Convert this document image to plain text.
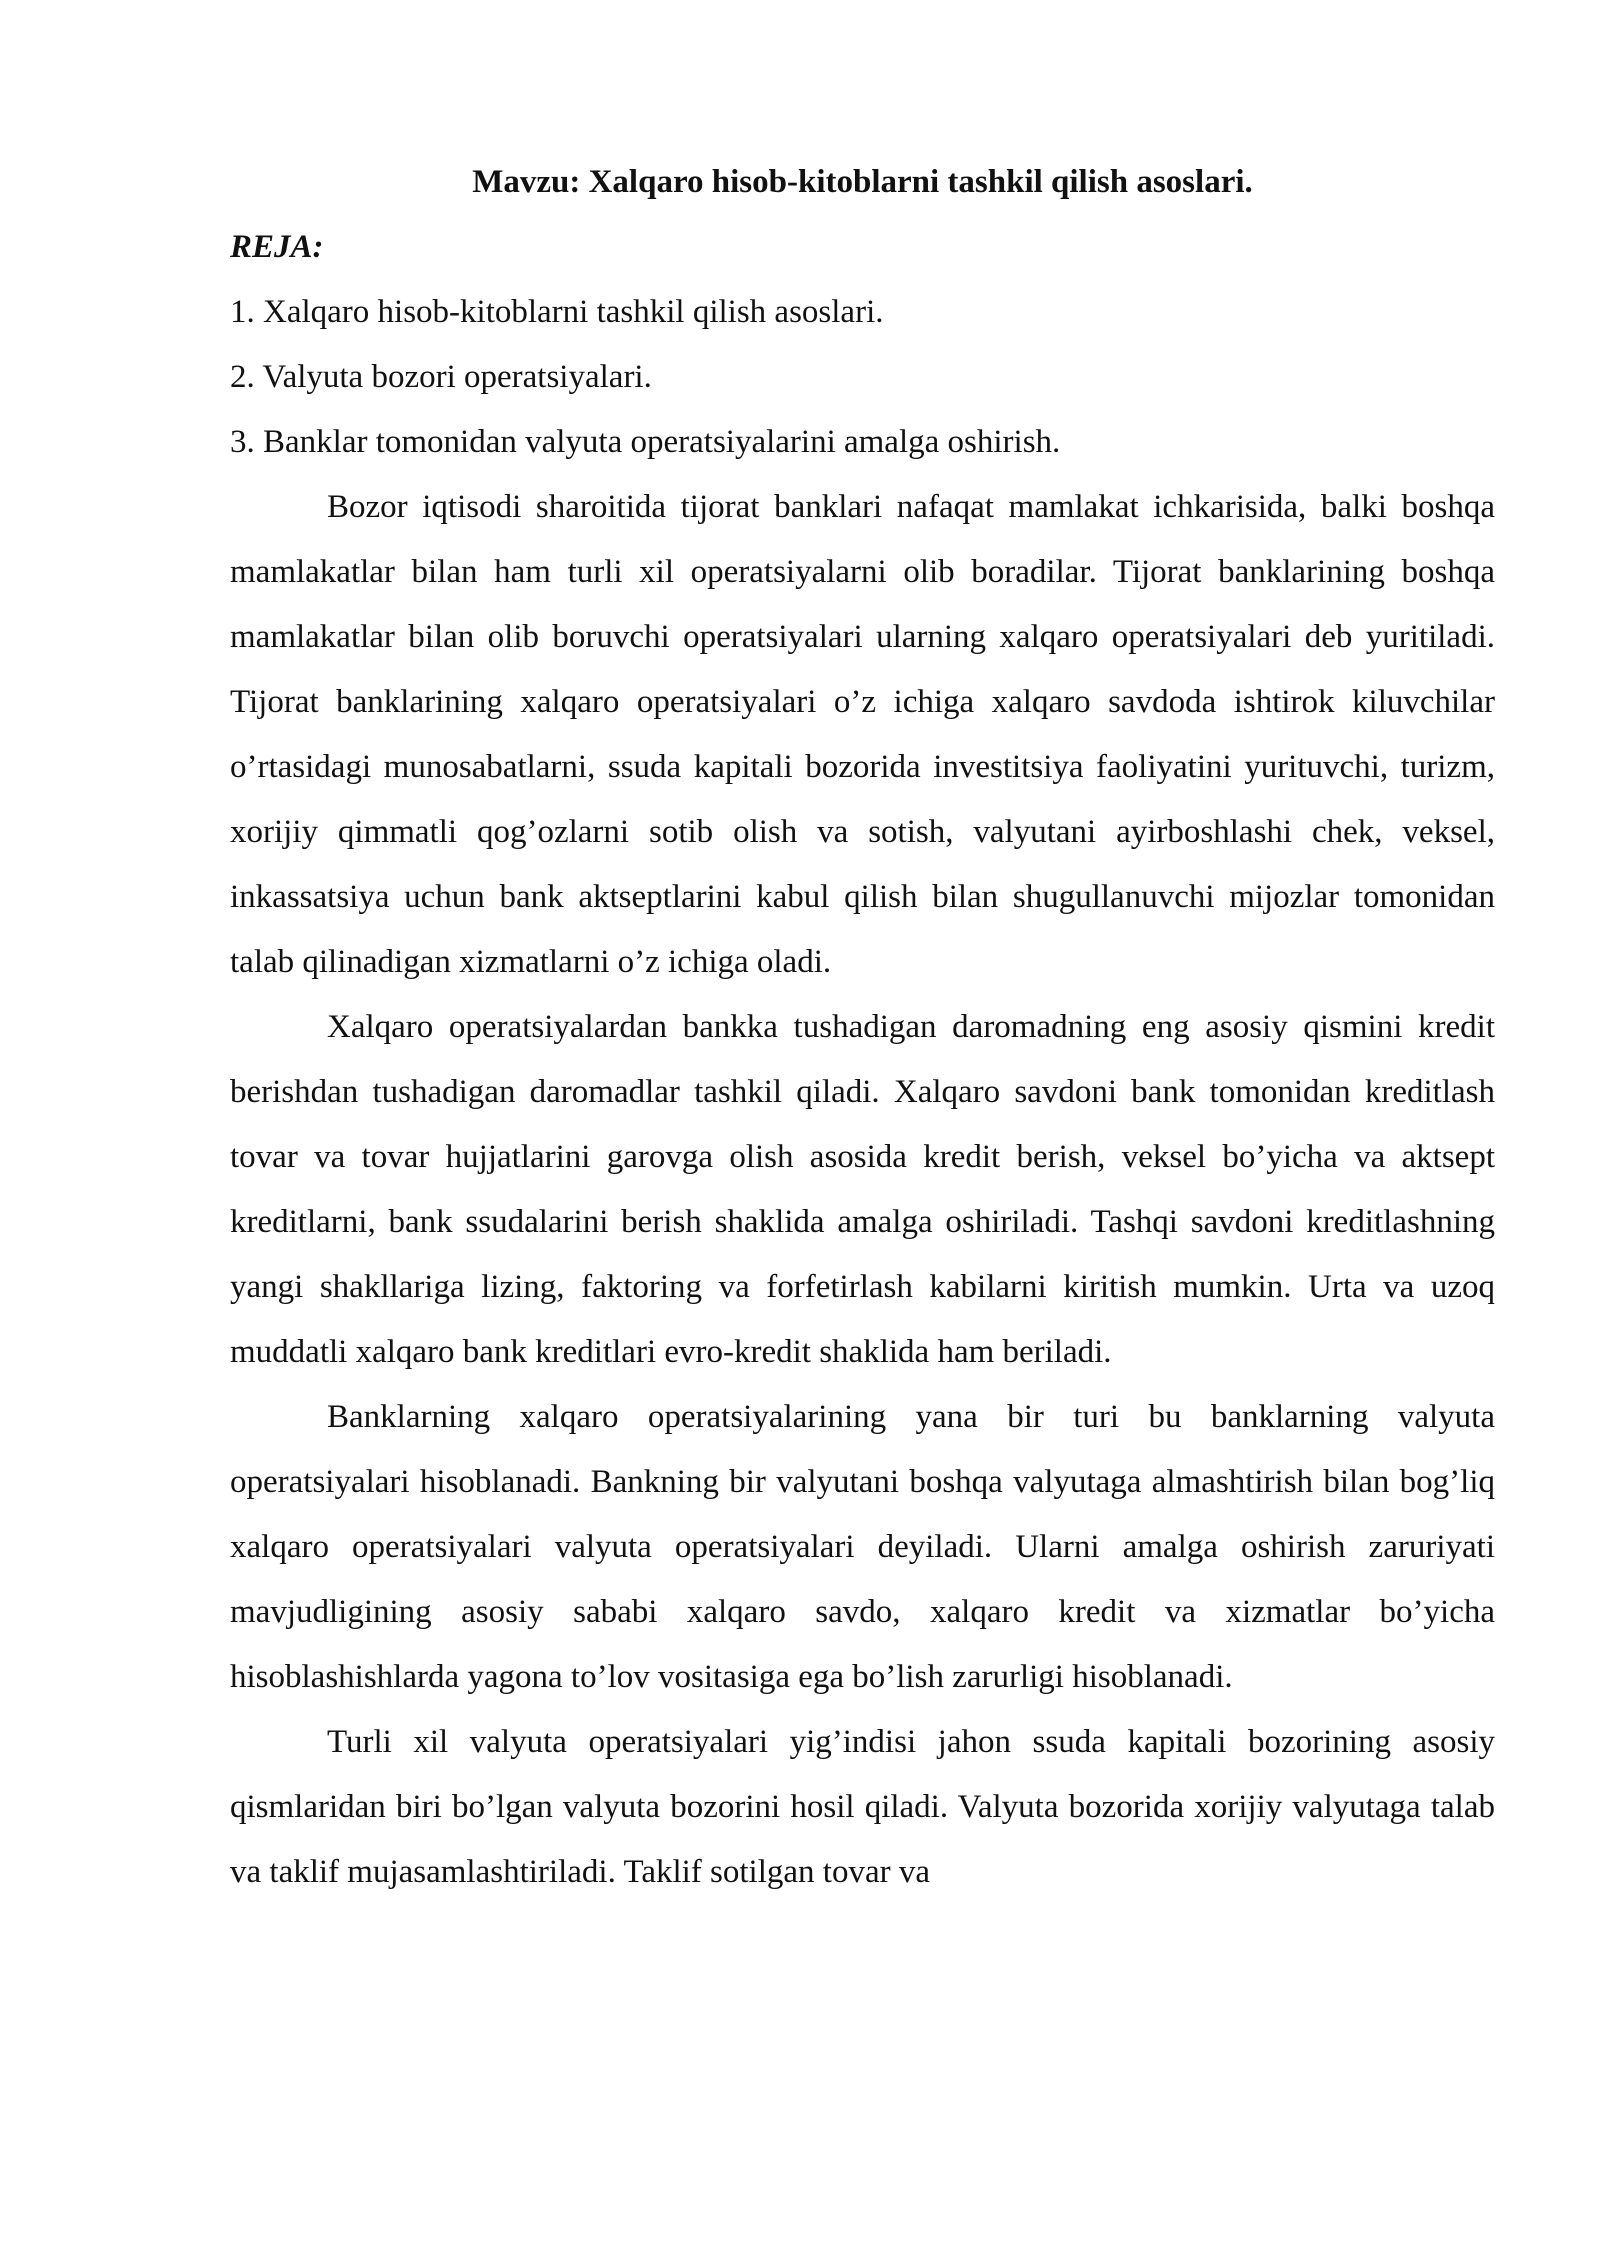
Mavzu: Xalqaro hisob-kitoblarni tashkil qilish asoslari.

REJA:

1. Xalqaro hisob-kitoblarni tashkil qilish asoslari.
2. Valyuta bozori operatsiyalari.
3. Banklar tomonidan valyuta operatsiyalarini amalga oshirish.

Bozor iqtisodi sharoitida tijorat banklari nafaqat mamlakat ichkarisida, balki boshqa mamlakatlar bilan ham turli xil operatsiyalarni olib boradilar. Tijorat banklarining boshqa mamlakatlar bilan olib boruvchi operatsiyalari ularning xalqaro operatsiyalari deb yuritiladi. Tijorat banklarining xalqaro operatsiyalari o’z ichiga xalqaro savdoda ishtirok kiluvchilar o’rtasidagi munosabatlarni, ssuda kapitali bozorida investitsiya faoliyatini yurituvchi, turizm, xorijiy qimmatli qog’ozlarni sotib olish va sotish, valyutani ayirboshlashi chek, veksel, inkassatsiya uchun bank aktseptlarini kabul qilish bilan shugullanuvchi mijozlar tomonidan talab qilinadigan xizmatlarni o’z ichiga oladi.

Xalqaro operatsiyalardan bankka tushadigan daromadning eng asosiy qismini kredit berishdan tushadigan daromadlar tashkil qiladi. Xalqaro savdoni bank tomonidan kreditlash tovar va tovar hujjatlarini garovga olish asosida kredit berish, veksel bo’yicha va aktsept kreditlarni, bank ssudalarini berish shaklida amalga oshiriladi. Tashqi savdoni kreditlashning yangi shakllariga lizing, faktoring va forfetirlash kabilarni kiritish mumkin. Urta va uzoq muddatli xalqaro bank kreditlari evro-kredit shaklida ham beriladi.

Banklarning xalqaro operatsiyalarining yana bir turi bu banklarning valyuta operatsiyalari hisoblanadi. Bankning bir valyutani boshqa valyutaga almashtirish bilan bog’liq xalqaro operatsiyalari valyuta operatsiyalari deyiladi. Ularni amalga oshirish zaruriyati mavjudligining asosiy sababi xalqaro savdo, xalqaro kredit va xizmatlar bo’yicha hisoblashishlarda yagona to’lov vositasiga ega bo’lish zarurligi hisoblanadi.

Turli xil valyuta operatsiyalari yig’indisi jahon ssuda kapitali bozorining asosiy qismlaridan biri bo’lgan valyuta bozorini hosil qiladi. Valyuta bozorida xorijiy valyutaga talab va taklif mujasamlashtiriladi. Taklif sotilgan tovar va
